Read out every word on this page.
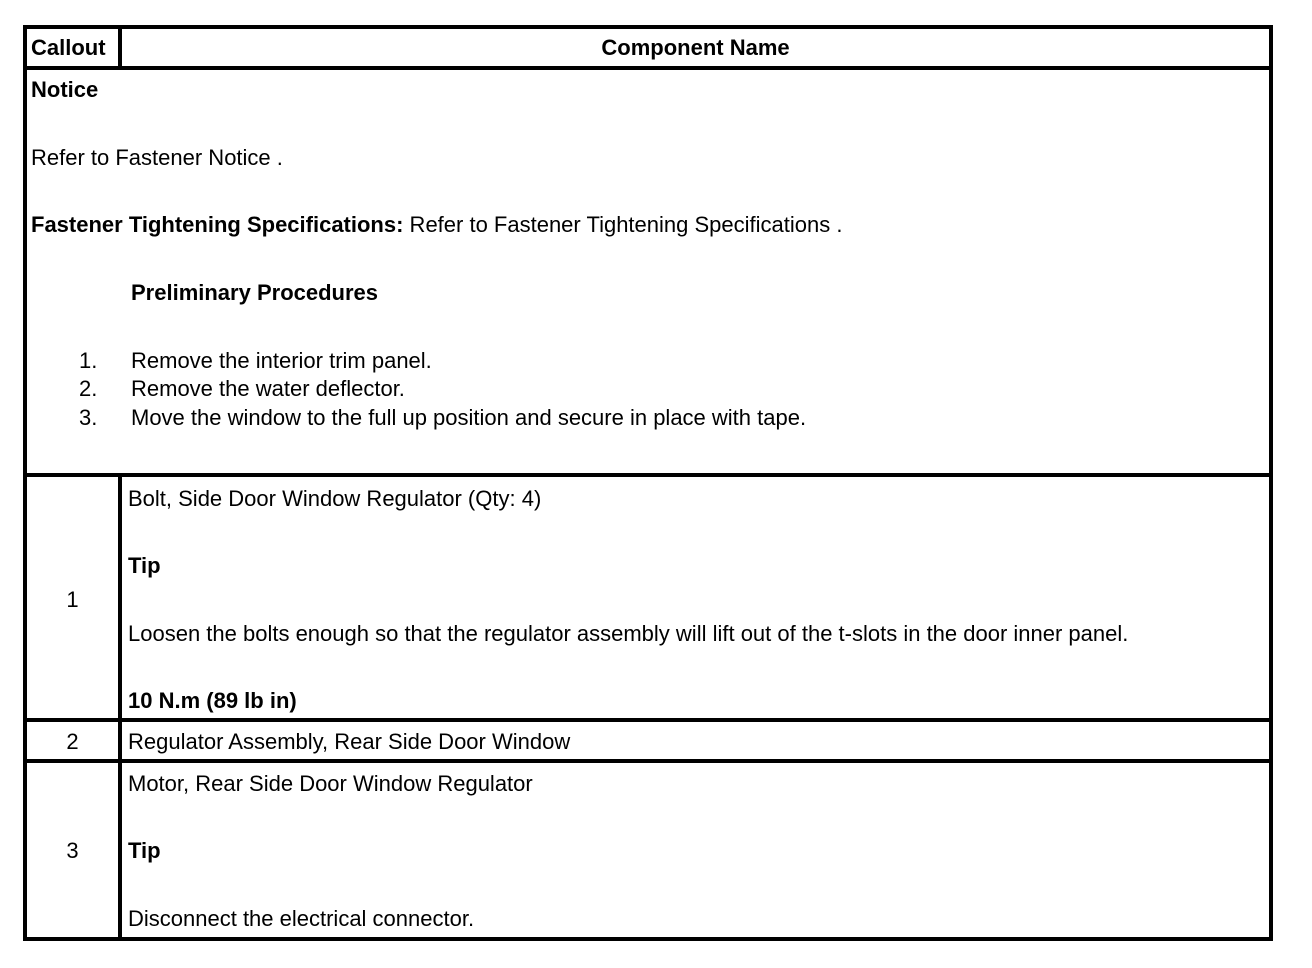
Callout	Component Name
Notice
Refer to Fastener Notice .
Fastener Tightening Specifications: Refer to Fastener Tightening Specifications .
Preliminary Procedures
1. Remove the interior trim panel.
2. Remove the water deflector.
3. Move the window to the full up position and secure in place with tape.
1
Bolt, Side Door Window Regulator (Qty: 4)
Tip
Loosen the bolts enough so that the regulator assembly will lift out of the t-slots in the door inner panel.
10 N.m (89 lb in)
2	Regulator Assembly, Rear Side Door Window
3
Motor, Rear Side Door Window Regulator
Tip
Disconnect the electrical connector.
